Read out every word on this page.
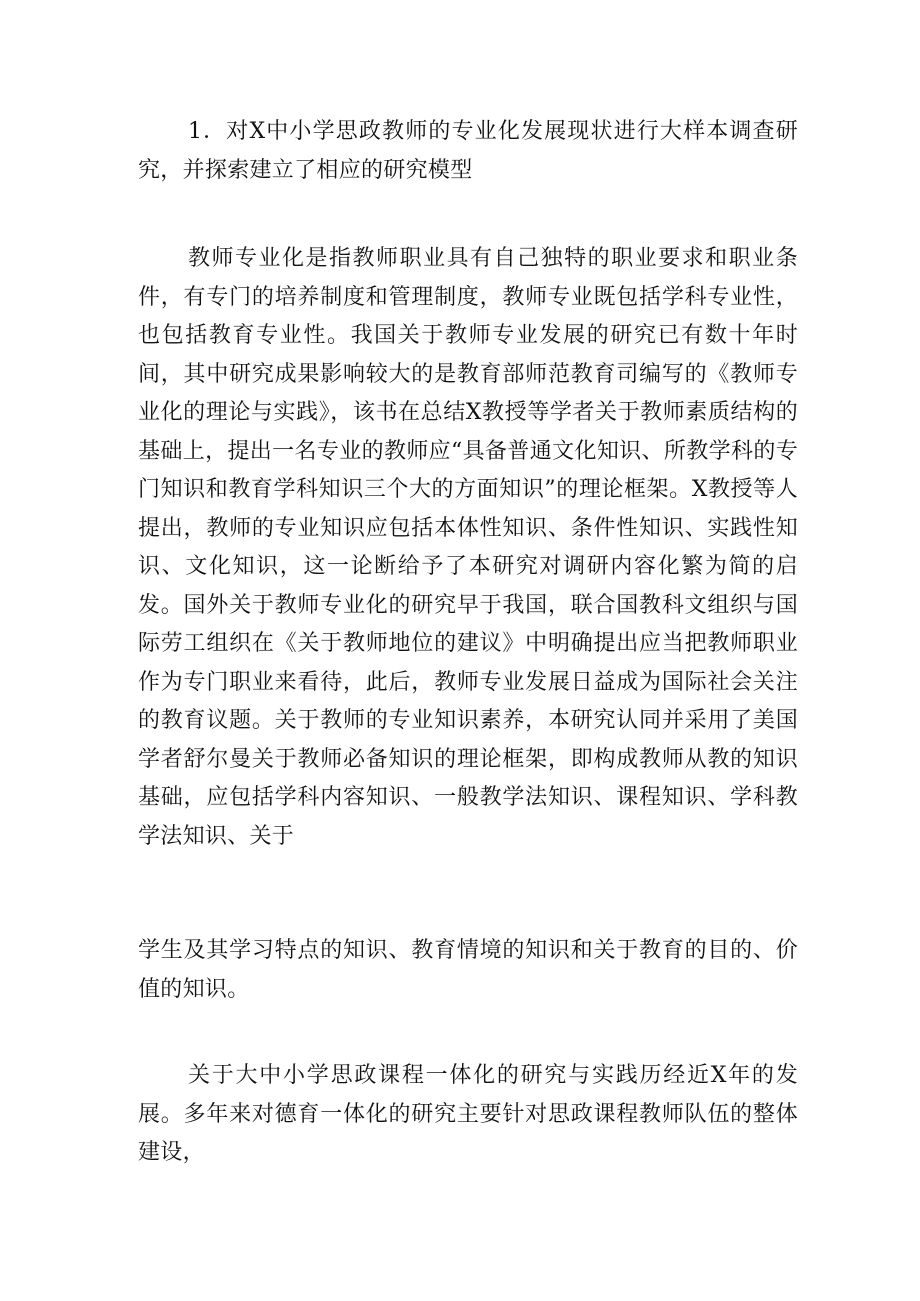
1．对X中小学思政教师的专业化发展现状进行大样本调查研究，并探索建立了相应的研究模型

教师专业化是指教师职业具有自己独特的职业要求和职业条件，有专门的培养制度和管理制度，教师专业既包括学科专业性，也包括教育专业性。我国关于教师专业发展的研究已有数十年时间，其中研究成果影响较大的是教育部师范教育司编写的《教师专业化的理论与实践》，该书在总结X教授等学者关于教师素质结构的基础上，提出一名专业的教师应“具备普通文化知识、所教学科的专门知识和教育学科知识三个大的方面知识”的理论框架。X教授等人提出，教师的专业知识应包括本体性知识、条件性知识、实践性知识、文化知识，这一论断给予了本研究对调研内容化繁为简的启发。国外关于教师专业化的研究早于我国，联合国教科文组织与国际劳工组织在《关于教师地位的建议》中明确提出应当把教师职业作为专门职业来看待，此后，教师专业发展日益成为国际社会关注的教育议题。关于教师的专业知识素养，本研究认同并采用了美国学者舒尔曼关于教师必备知识的理论框架，即构成教师从教的知识基础，应包括学科内容知识、一般教学法知识、课程知识、学科教学法知识、关于

学生及其学习特点的知识、教育情境的知识和关于教育的目的、价值的知识。

关于大中小学思政课程一体化的研究与实践历经近X年的发展。多年来对德育一体化的研究主要针对思政课程教师队伍的整体建设，
